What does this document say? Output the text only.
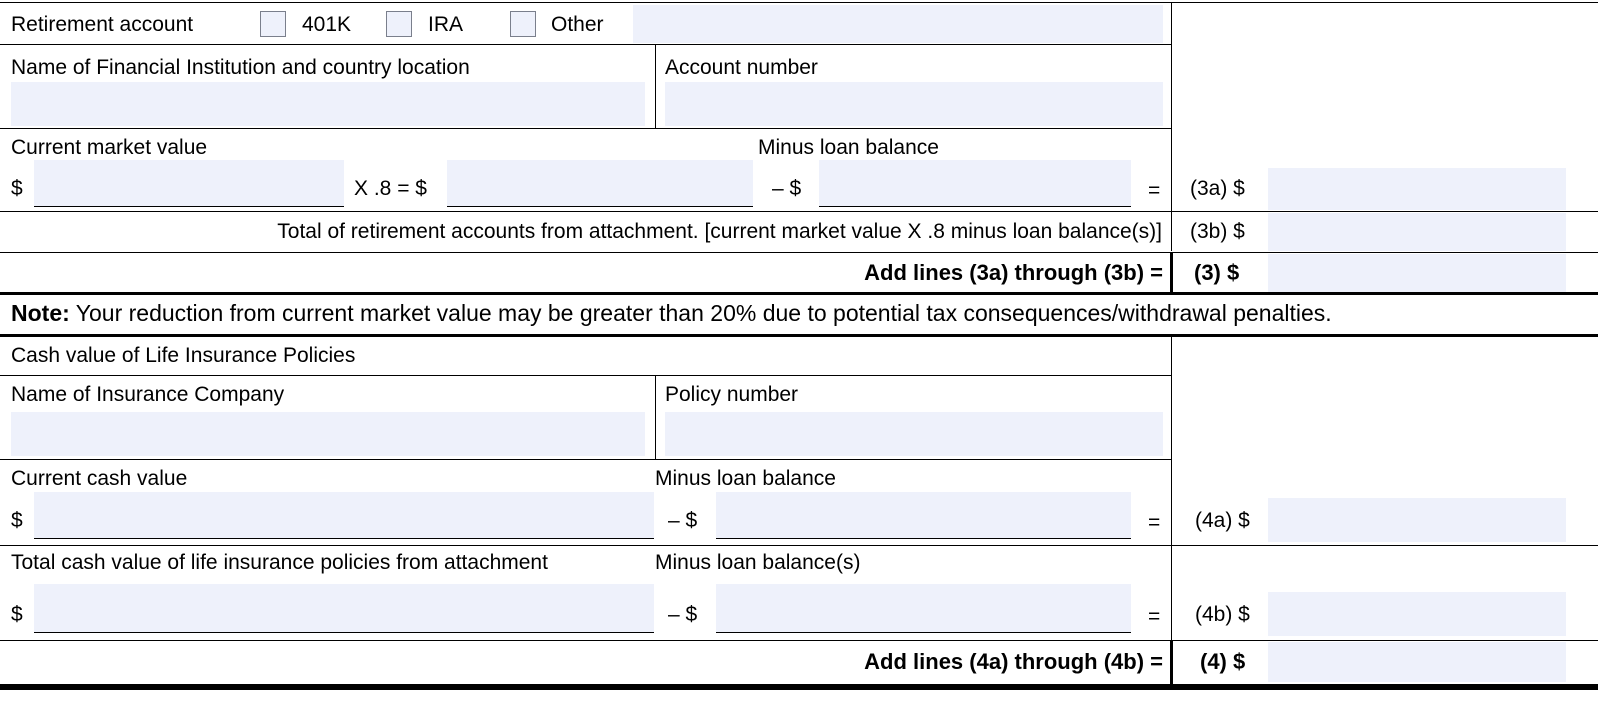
Retirement account	401K	IRA	Other
Name of Financial Institution and country location	Account number
Current market value	Minus loan balance
$	X .8 = $	– $	= (3a) $
Total of retirement accounts from attachment. [current market value X .8 minus loan balance(s)] (3b) $
Add lines (3a) through (3b) = (3) $
Note: Your reduction from current market value may be greater than 20% due to potential tax consequences/withdrawal penalties.
Cash value of Life Insurance Policies
Name of Insurance Company	Policy number
Current cash value	Minus loan balance
$	– $	= (4a) $
Total cash value of life insurance policies from attachment	Minus loan balance(s)
$	– $	= (4b) $
Add lines (4a) through (4b) = (4) $
